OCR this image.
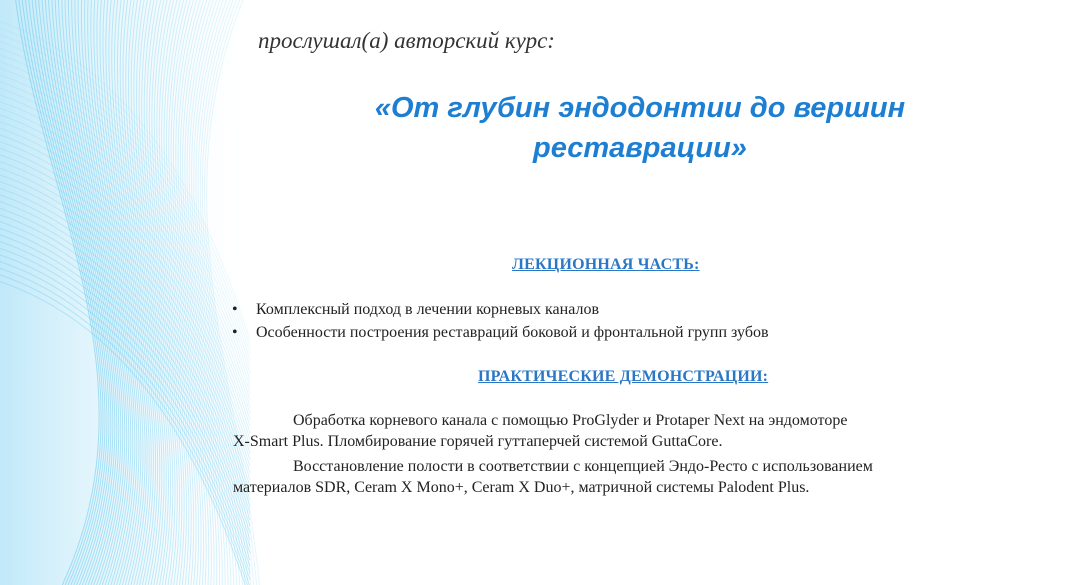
прослушал(а) авторский курс:
«От глубин эндодонтии до вершин
реставрации»
ЛЕКЦИОННАЯ ЧАСТЬ:
• Комплексный подход в лечении корневых каналов
• Особенности построения реставраций боковой и фронтальной групп зубов
ПРАКТИЧЕСКИЕ ДЕМОНСТРАЦИИ:
Обработка корневого канала с помощью ProGlyder и Protaper Next на эндомоторе
X-Smart Plus. Пломбирование горячей гуттаперчей системой GuttaCore.
Восстановление полости в соответствии с концепцией Эндо-Ресто с использованием
материалов SDR, Ceram X Mono+, Ceram X Duo+, матричной системы Palodent Plus.
